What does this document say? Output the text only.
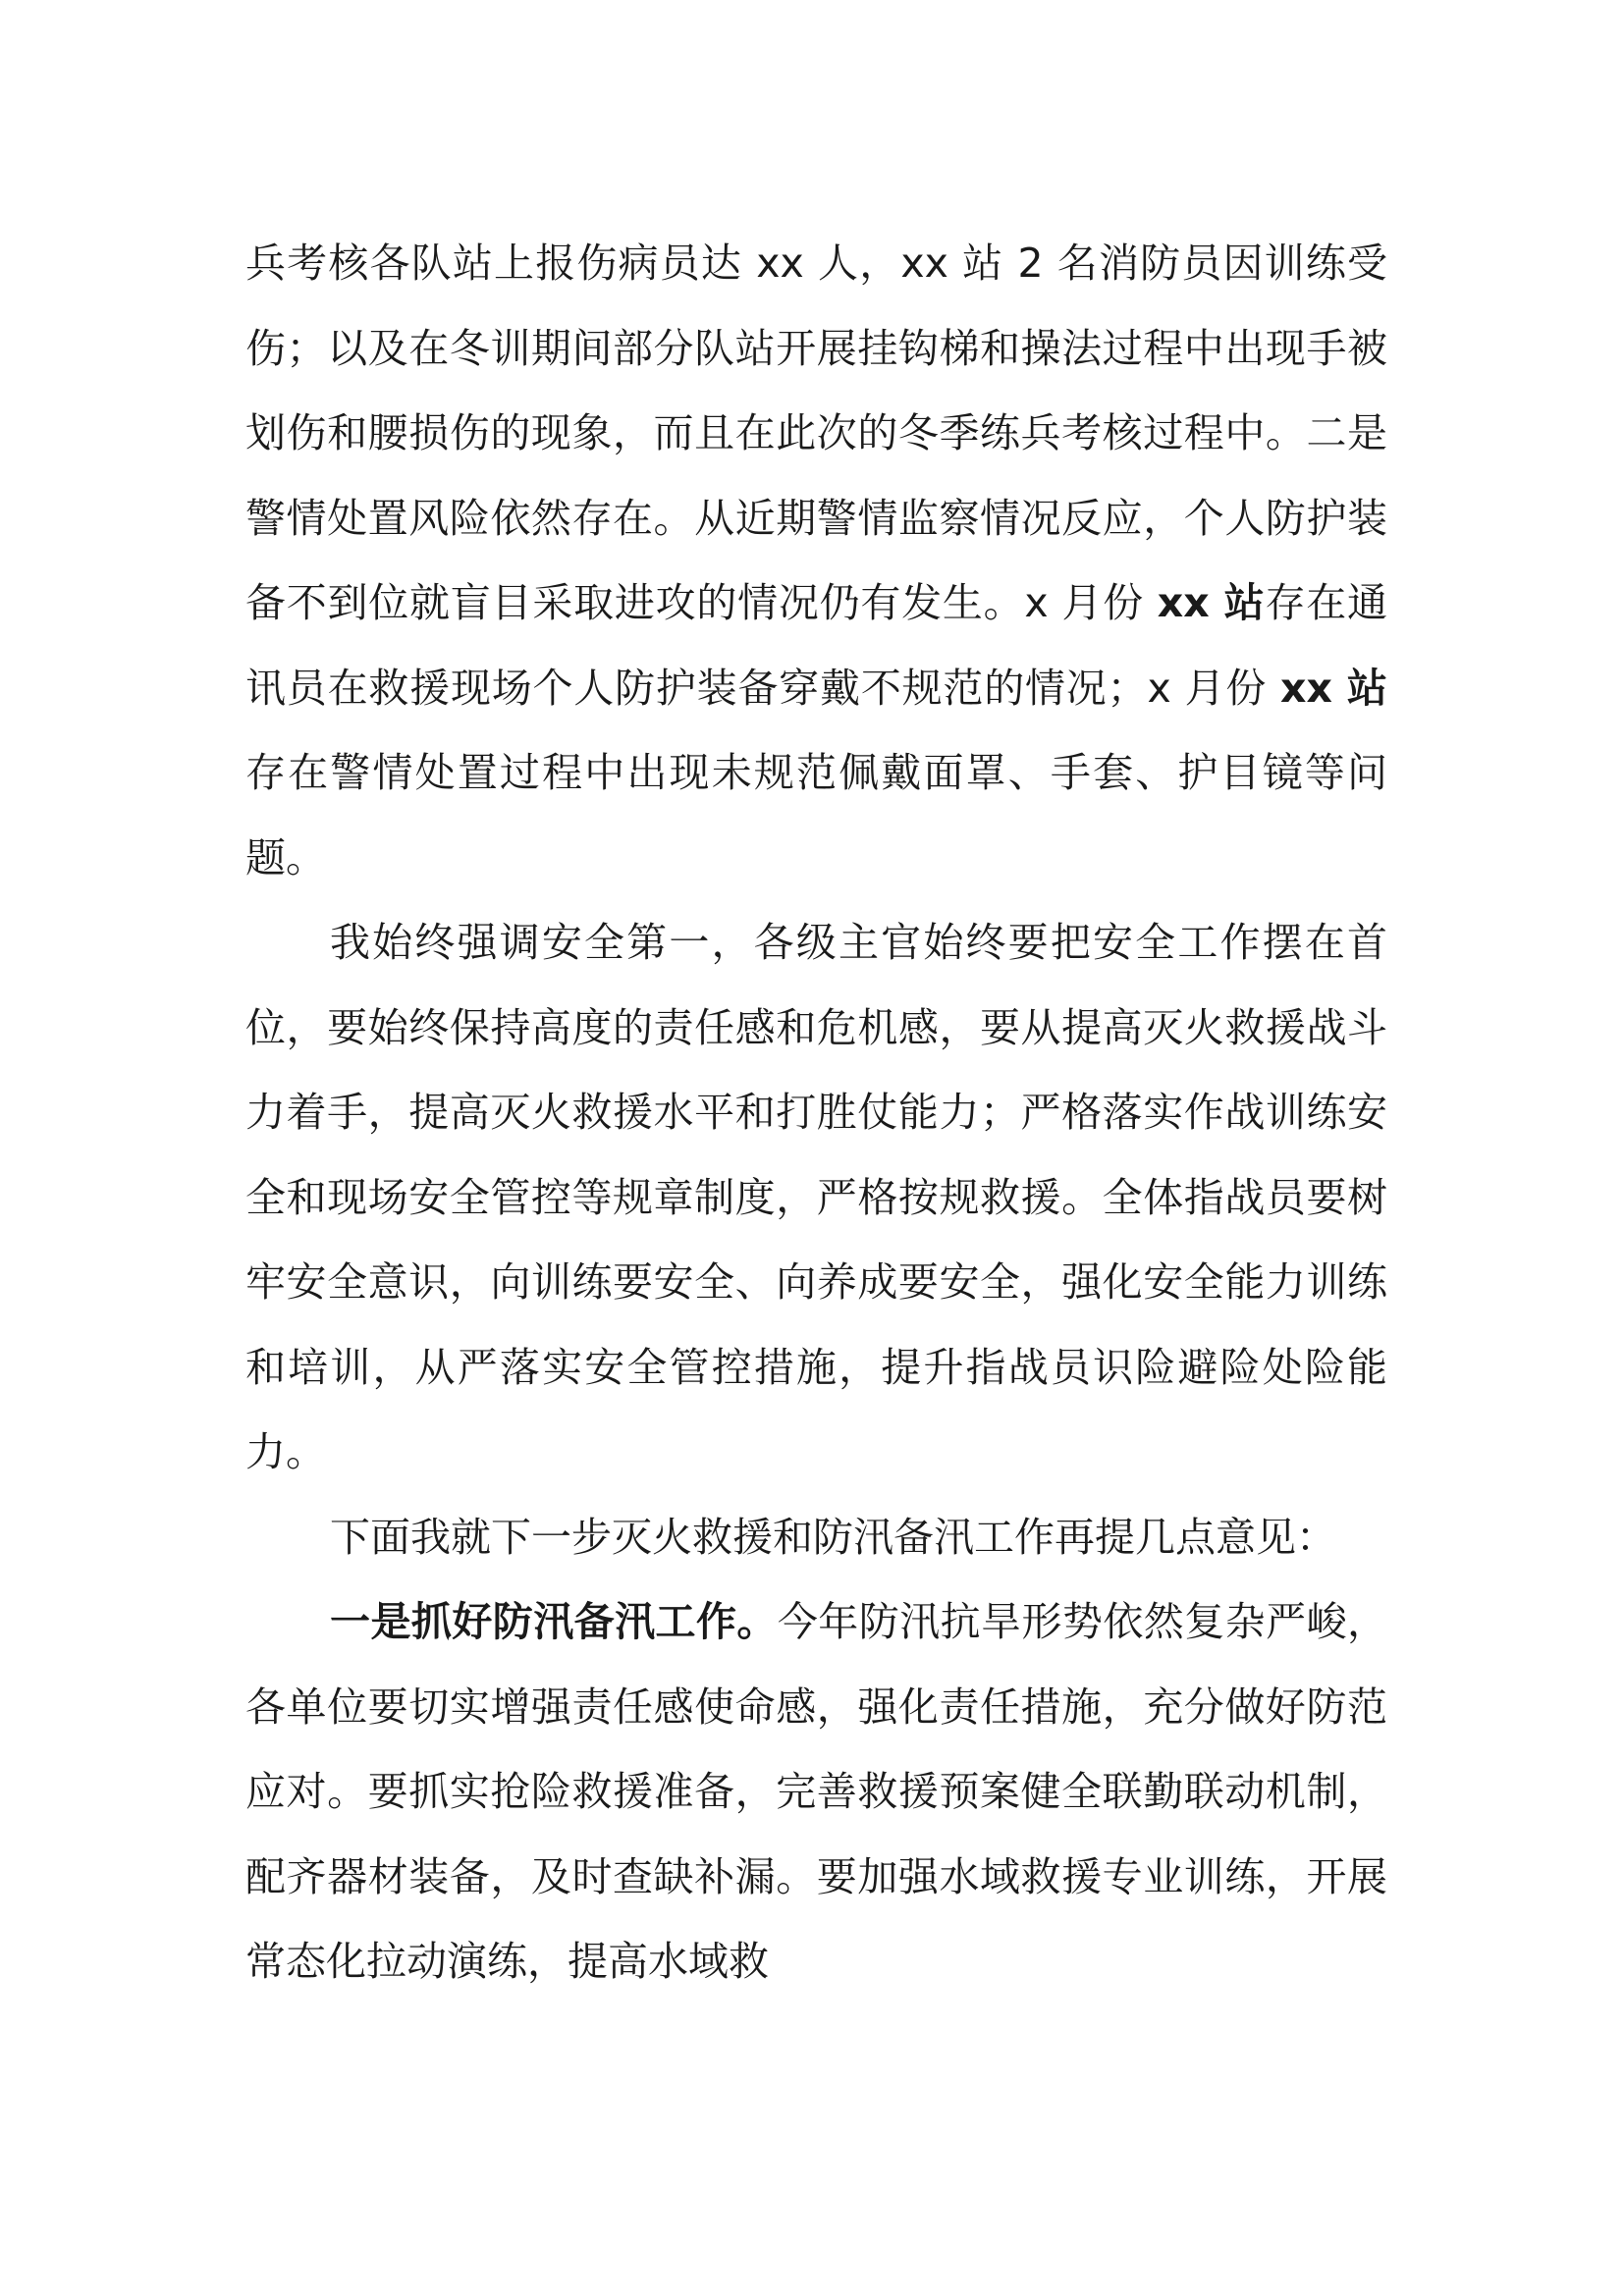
兵考核各队站上报伤病员达 xx 人，xx 站 2 名消防员因训练受伤；以及在冬训期间部分队站开展挂钩梯和操法过程中出现手被划伤和腰损伤的现象，而且在此次的冬季练兵考核过程中。二是警情处置风险依然存在。从近期警情监察情况反应，个人防护装备不到位就盲目采取进攻的情况仍有发生。x 月份 xx 站存在通讯员在救援现场个人防护装备穿戴不规范的情况；x 月份 xx 站存在警情处置过程中出现未规范佩戴面罩、手套、护目镜等问题。

我始终强调安全第一，各级主官始终要把安全工作摆在首位，要始终保持高度的责任感和危机感，要从提高灭火救援战斗力着手，提高灭火救援水平和打胜仗能力；严格落实作战训练安全和现场安全管控等规章制度，严格按规救援。全体指战员要树牢安全意识，向训练要安全、向养成要安全，强化安全能力训练和培训，从严落实安全管控措施，提升指战员识险避险处险能力。

下面我就下一步灭火救援和防汛备汛工作再提几点意见：

一是抓好防汛备汛工作。今年防汛抗旱形势依然复杂严峻，各单位要切实增强责任感使命感，强化责任措施，充分做好防范应对。要抓实抢险救援准备，完善救援预案健全联勤联动机制，配齐器材装备，及时查缺补漏。要加强水域救援专业训练，开展常态化拉动演练，提高水域救
